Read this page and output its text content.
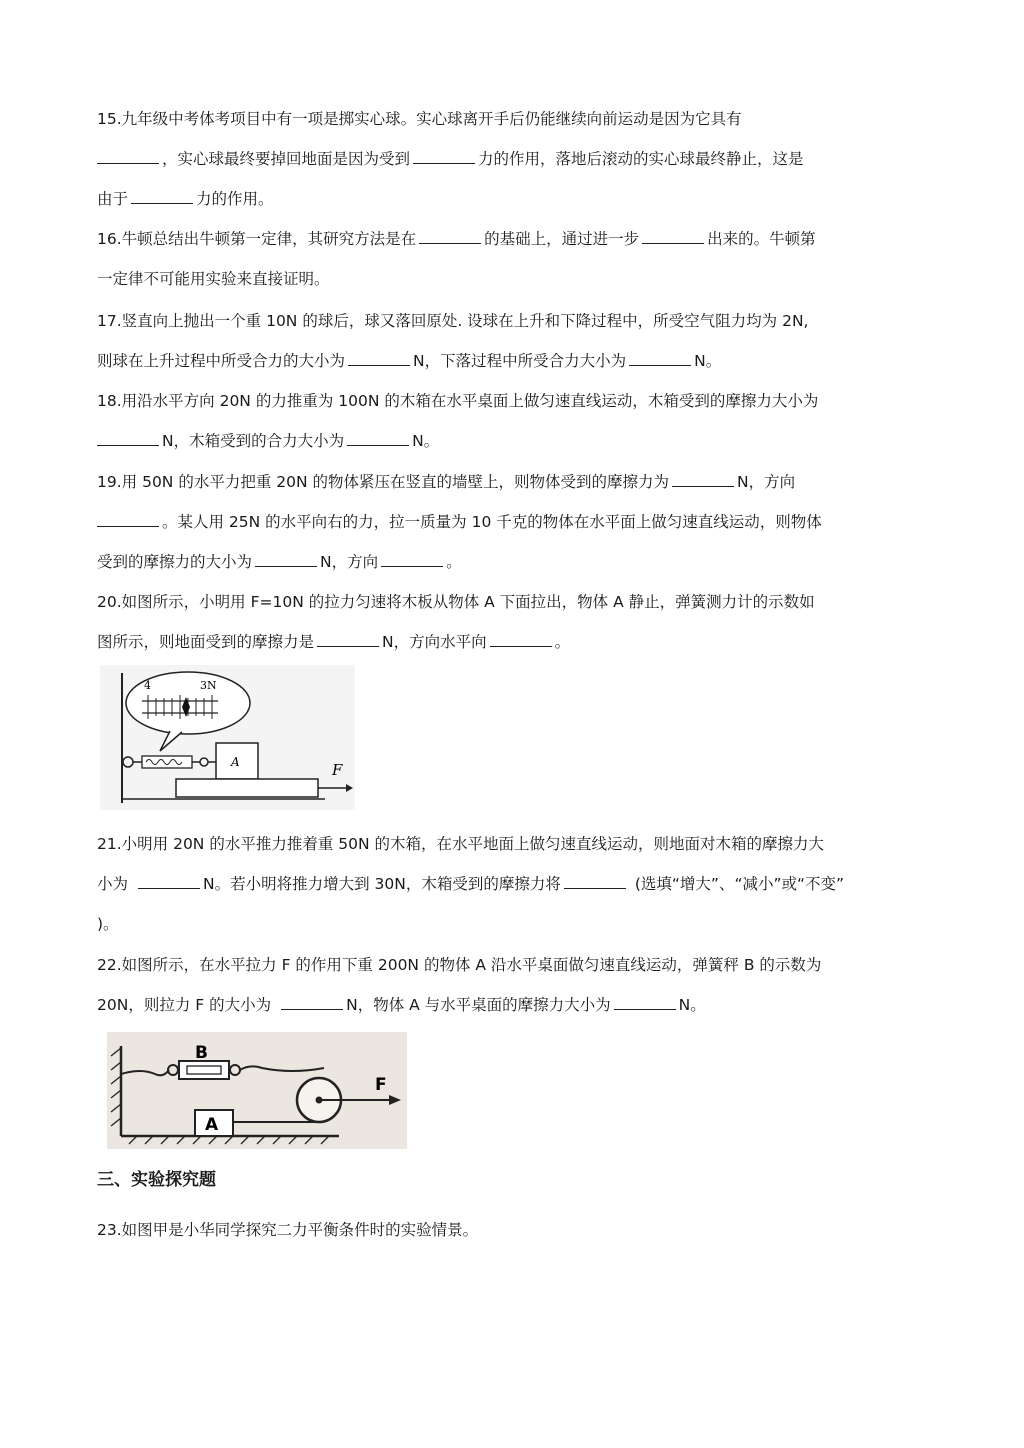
15.九年级中考体考项目中有一项是掷实心球。实心球离开手后仍能继续向前运动是因为它具有
，实心球最终要掉回地面是因为受到	力的作用，落地后滚动的实心球最终静止，这是
由于	力的作用。
16.牛顿总结出牛顿第一定律，其研究方法是在	的基础上，通过进一步	出来的。牛顿第
一定律不可能用实验来直接证明。
17.竖直向上抛出一个重 10N 的球后，球又落回原处. 设球在上升和下降过程中，所受空气阻力均为 2N,
则球在上升过程中所受合力的大小为	N，下落过程中所受合力大小为	N。
18.用沿水平方向 20N 的力推重为 100N 的木箱在水平桌面上做匀速直线运动，木箱受到的摩擦力大小为
N，木箱受到的合力大小为	N。
19.用 50N 的水平力把重 20N 的物体紧压在竖直的墙壁上，则物体受到的摩擦力为	N，方向
。某人用 25N 的水平向右的力，拉一质量为 10 千克的物体在水平面上做匀速直线运动，则物体
受到的摩擦力的大小为	N，方向	。
20.如图所示，小明用 F=10N 的拉力匀速将木板从物体 A 下面拉出，物体 A 静止，弹簧测力计的示数如
图所示，则地面受到的摩擦力是	N，方向水平向	。
4	3N
A	F
21.小明用 20N 的水平推力推着重 50N 的木箱，在水平地面上做匀速直线运动，则地面对木箱的摩擦力大
小为	N。若小明将推力增大到 30N，木箱受到的摩擦力将	(选填“增大”、“减小”或“不变”
)。
22.如图所示，在水平拉力 F 的作用下重 200N 的物体 A 沿水平桌面做匀速直线运动，弹簧秤 B 的示数为
20N，则拉力 F 的大小为	N，物体 A 与水平桌面的摩擦力大小为	N。
B
A
F
三、实验探究题
23.如图甲是小华同学探究二力平衡条件时的实验情景。
